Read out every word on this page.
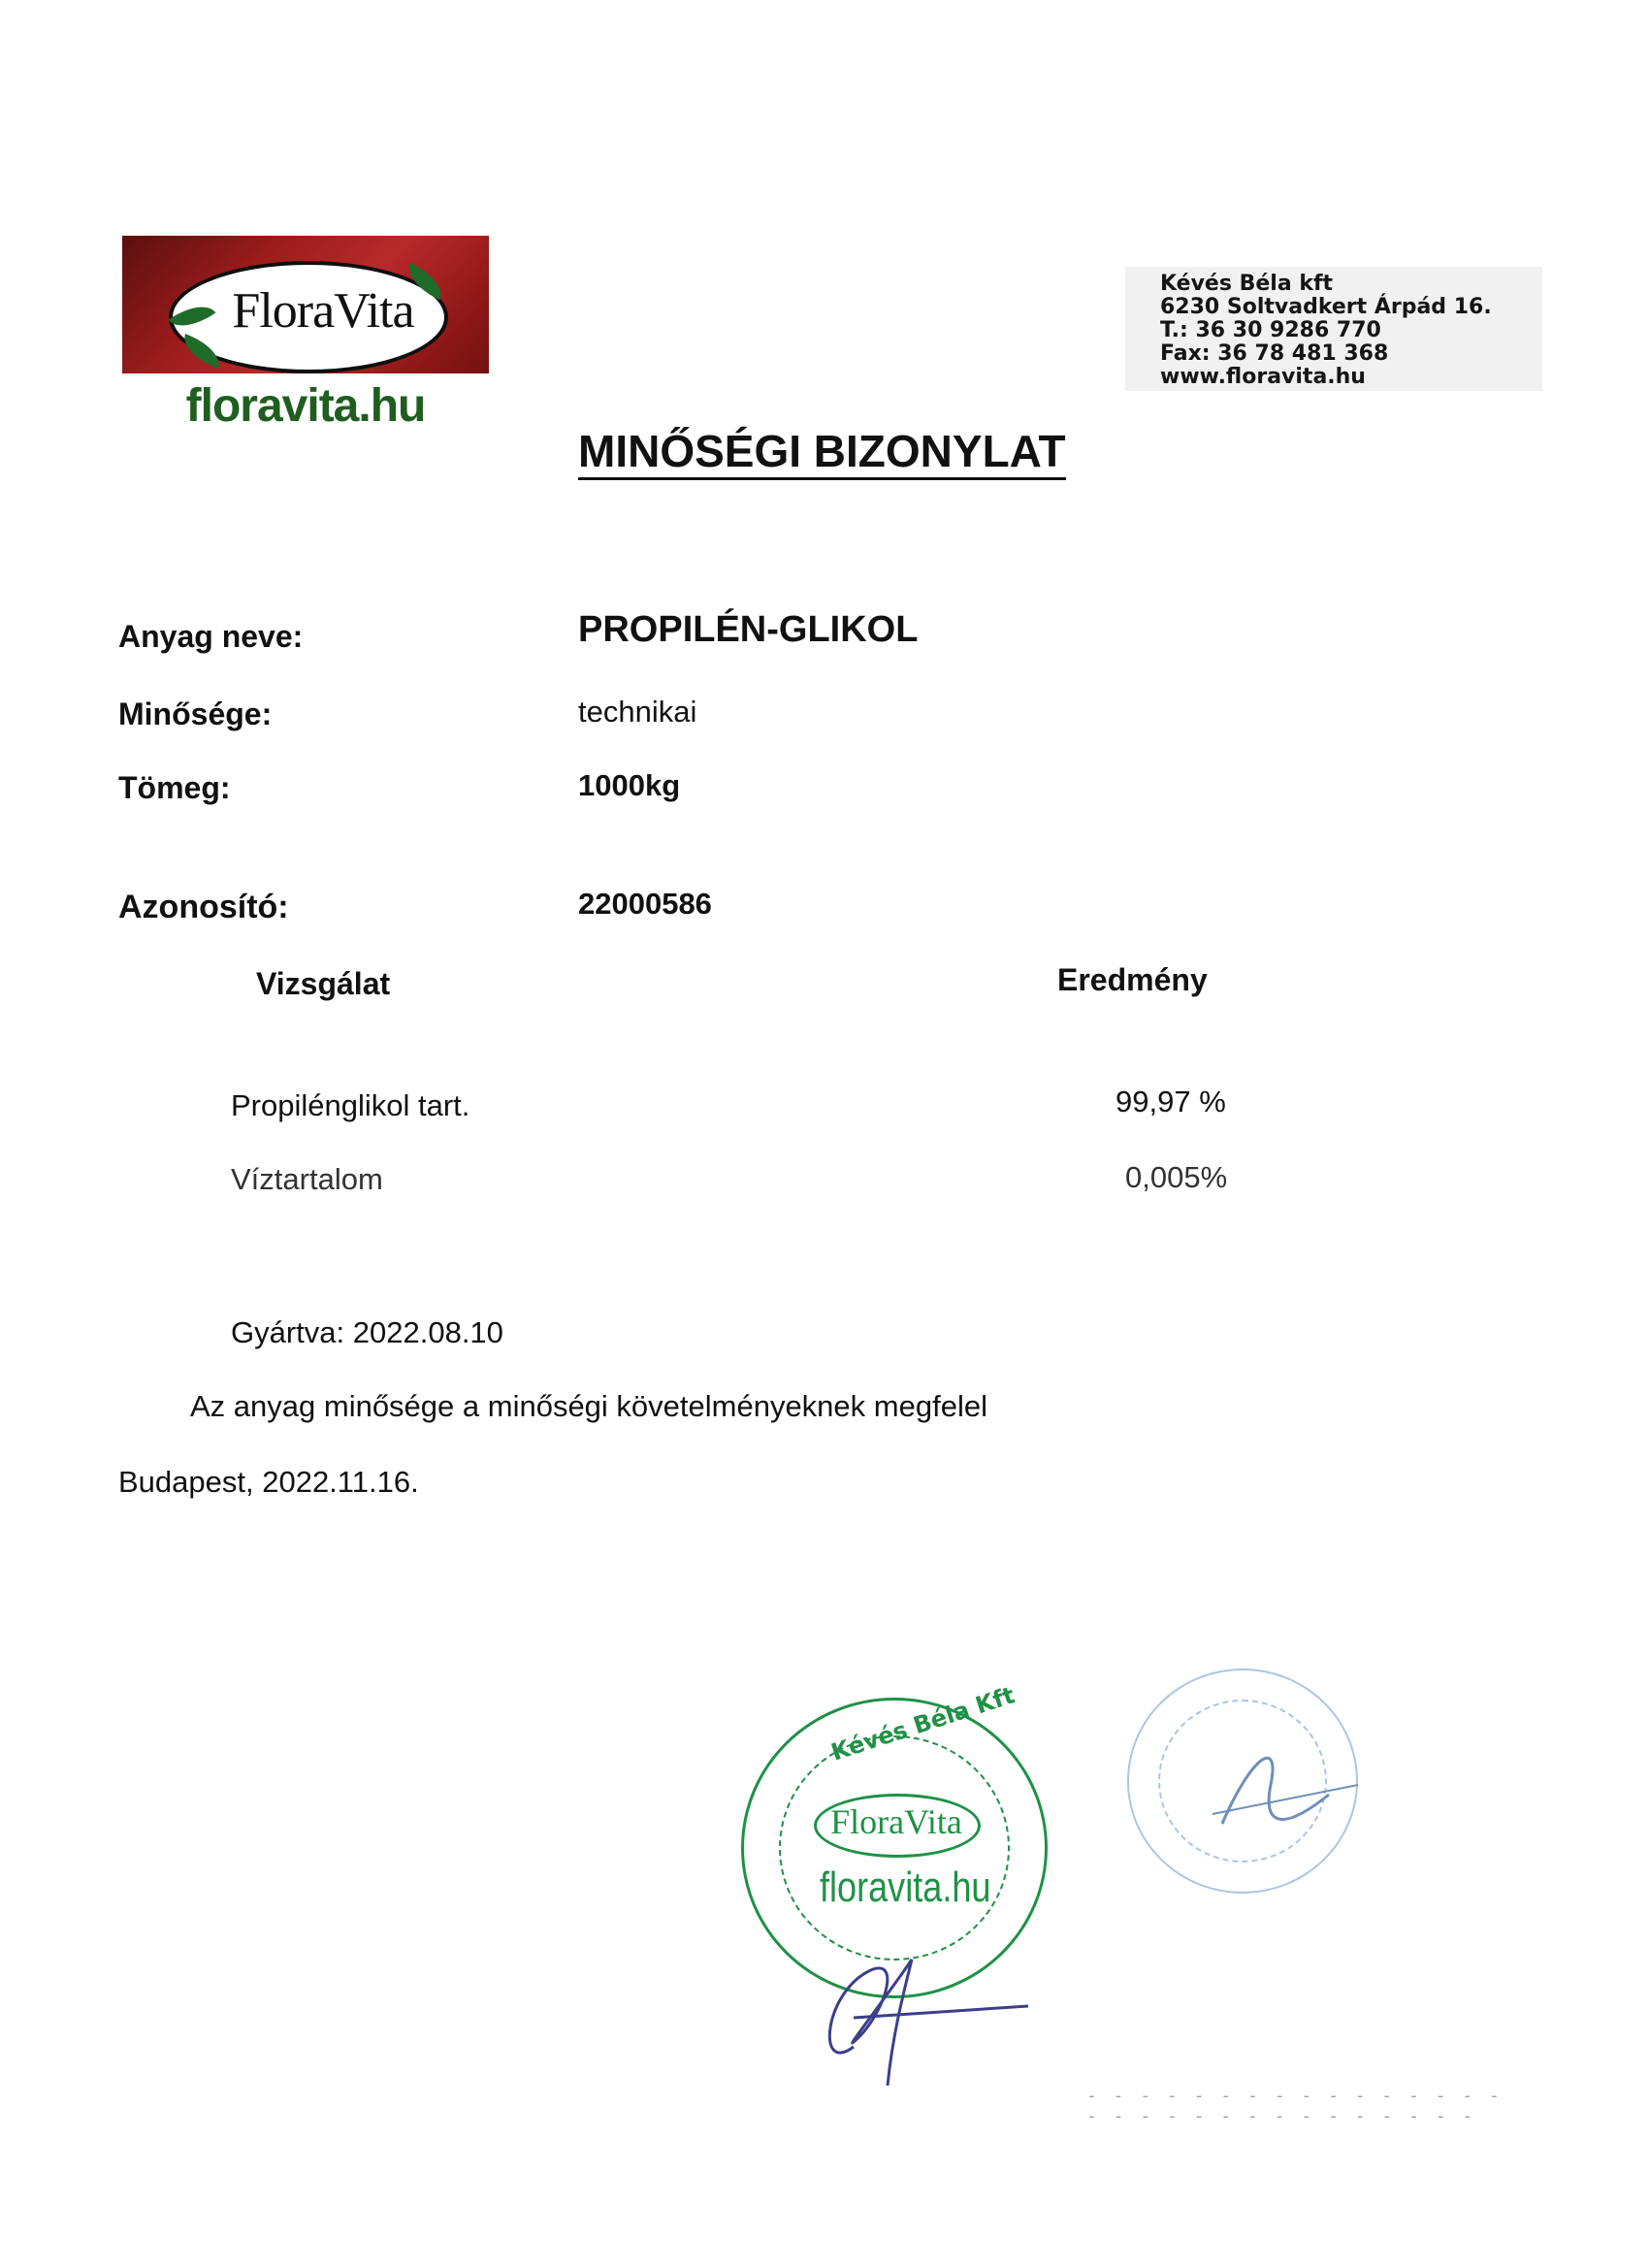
FloraVita
floravita.hu
Kévés Béla kft
6230 Soltvadkert Árpád 16.
T.: 36 30 9286 770
Fax: 36 78 481 368
www.floravita.hu
MINŐSÉGI BIZONYLAT
Anyag neve:	PROPILÉN-GLIKOL
Minősége:	technikai
Tömeg:	1000kg
Azonosító:	22000586
Vizsgálat	Eredmény
Propilénglikol tart.	99,97 %
Víztartalom	0,005%
Gyártva: 2022.08.10
Az anyag minősége a minőségi követelményeknek megfelel
Budapest, 2022.11.16.
Kévés Béla Kft
FloraVita
floravita.hu
- - - - - - - - - - - - - - - -
- - - - - - - - - - - - - - -
